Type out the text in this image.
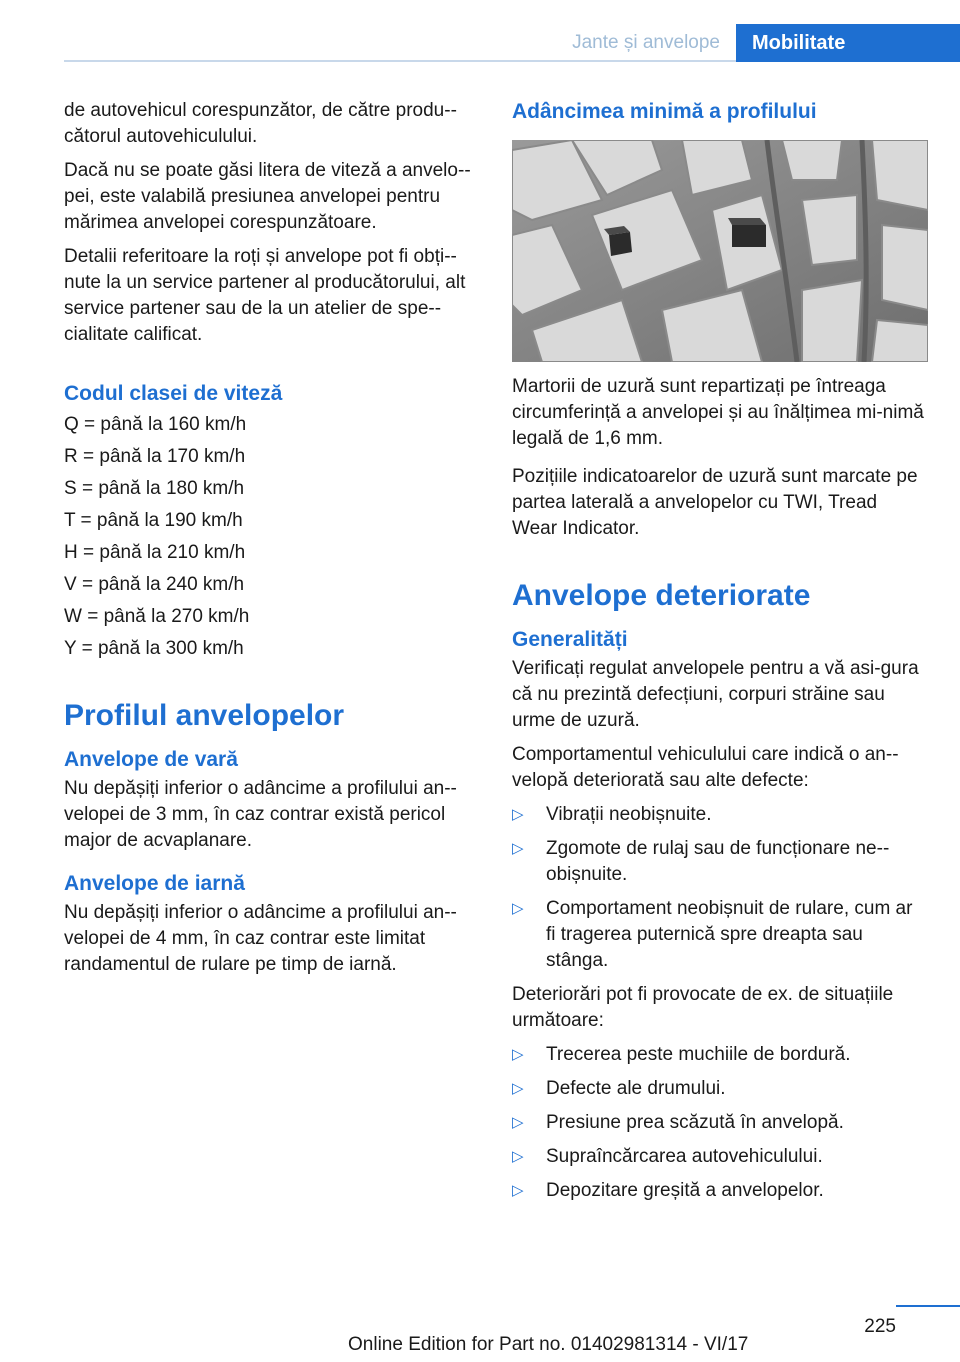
Jante și anvelope	Mobilitate

de autovehicul corespunzător, de către produ-cătorul autovehiculului.

Dacă nu se poate găsi litera de viteză a anvelo-pei, este valabilă presiunea anvelopei pentru mărimea anvelopei corespunzătoare.

Detalii referitoare la roți și anvelope pot fi obți-nute la un service partener al producătorului, alt service partener sau de la un atelier de spe-cialitate calificat.

Codul clasei de viteză

Q = până la 160 km/h

R = până la 170 km/h

S = până la 180 km/h

T = până la 190 km/h

H = până la 210 km/h

V = până la 240 km/h

W = până la 270 km/h

Y = până la 300 km/h

Profilul anvelopelor
Anvelope de vară

Nu depășiți inferior o adâncime a profilului an-velopei de 3 mm, în caz contrar există pericol major de acvaplanare.

Anvelope de iarnă

Nu depășiți inferior o adâncime a profilului an-velopei de 4 mm, în caz contrar este limitat randamentul de rulare pe timp de iarnă.

Adâncimea minimă a profilului

Martorii de uzură sunt repartizați pe întreaga circumferință a anvelopei și au înălțimea mi-nimă legală de 1,6 mm.

Pozițiile indicatoarelor de uzură sunt marcate pe partea laterală a anvelopelor cu TWI, Tread Wear Indicator.

Anvelope deteriorate
Generalități

Verificați regulat anvelopele pentru a vă asi-gura că nu prezintă defecțiuni, corpuri străine sau urme de uzură.

Comportamentul vehiculului care indică o an-velopă deteriorată sau alte defecte:

▷ Vibrații neobișnuite.
▷ Zgomote de rulaj sau de funcționare ne-obișnuite.
▷ Comportament neobișnuit de rulare, cum ar fi tragerea puternică spre dreapta sau stânga.

Deteriorări pot fi provocate de ex. de situațiile următoare:

▷ Trecerea peste muchiile de bordură.
▷ Defecte ale drumului.
▷ Presiune prea scăzută în anvelopă.
▷ Supraîncărcarea autovehiculului.
▷ Depozitare greșită a anvelopelor.
225
Online Edition for Part no. 01402981314 - VI/17
